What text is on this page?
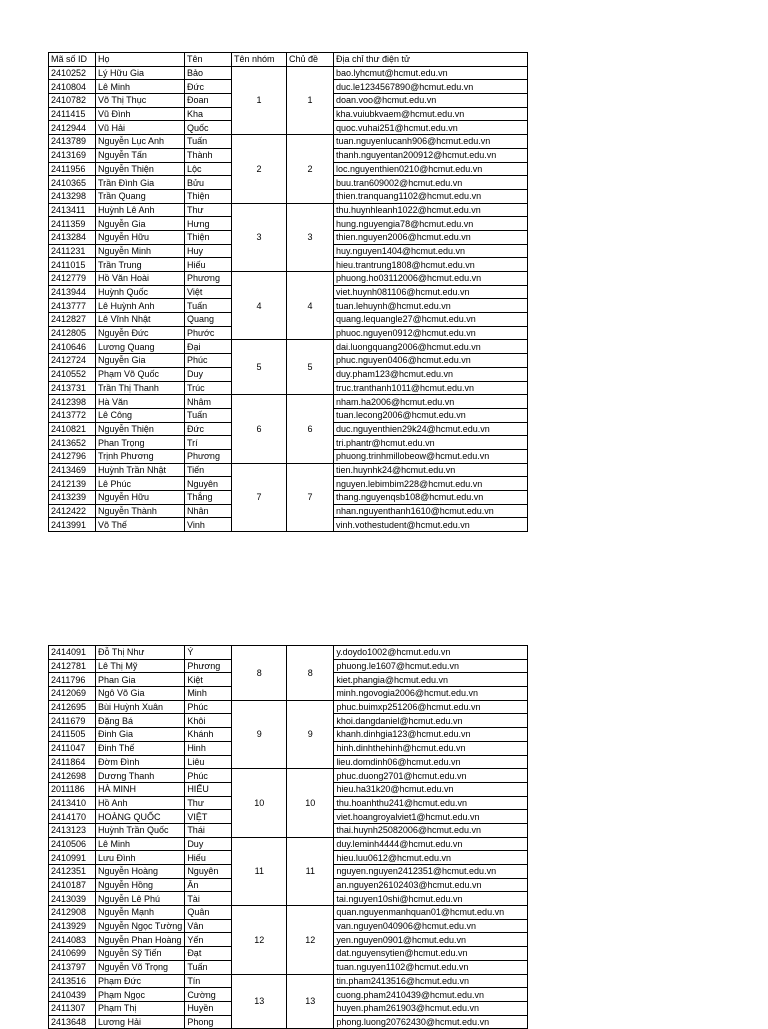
Mã số ID	Họ	Tên	Tên nhóm	Chủ đề	Địa chỉ thư điện tử
2410252	Lý Hữu Gia	Bảo	1	1	bao.lyhcmut@hcmut.edu.vn
2410804	Lê Minh	Đức			duc.le1234567890@hcmut.edu.vn
2410782	Võ Thị Thục	Đoan			doan.voo@hcmut.edu.vn
2411415	Vũ Đình	Kha			kha.vuiubkvaem@hcmut.edu.vn
2412944	Vũ Hải	Quốc			quoc.vuhai251@hcmut.edu.vn
2413789	Nguyễn Lục Anh	Tuấn	2	2	tuan.nguyenlucanh906@hcmut.edu.vn
2413169	Nguyễn Tấn	Thành			thanh.nguyentan200912@hcmut.edu.vn
2411956	Nguyễn Thiện	Lộc			loc.nguyenthien0210@hcmut.edu.vn
2410365	Trần Đình Gia	Bửu			buu.tran609002@hcmut.edu.vn
2413298	Trần Quang	Thiện			thien.tranquang1102@hcmut.edu.vn
2413411	Huỳnh Lê Anh	Thư	3	3	thu.huynhleanh1022@hcmut.edu.vn
2411359	Nguyễn Gia	Hưng			hung.nguyengia78@hcmut.edu.vn
2413284	Nguyễn Hữu	Thiện			thien.nguyen2006@hcmut.edu.vn
2411231	Nguyễn Minh	Huy			huy.nguyen1404@hcmut.edu.vn
2411015	Trần Trung	Hiếu			hieu.trantrung1808@hcmut.edu.vn
2412779	Hồ Văn Hoài	Phương	4	4	phuong.ho03112006@hcmut.edu.vn
2413944	Huỳnh Quốc	Việt			viet.huynh081106@hcmut.edu.vn
2413777	Lê Huỳnh Anh	Tuấn			tuan.lehuynh@hcmut.edu.vn
2412827	Lê Vĩnh Nhật	Quang			quang.lequangle27@hcmut.edu.vn
2412805	Nguyễn Đức	Phước			phuoc.nguyen0912@hcmut.edu.vn
2410646	Lương Quang	Đại	5	5	dai.luongquang2006@hcmut.edu.vn
2412724	Nguyễn Gia	Phúc			phuc.nguyen0406@hcmut.edu.vn
2410552	Phạm Võ Quốc	Duy			duy.pham123@hcmut.edu.vn
2413731	Trần Thị Thanh	Trúc			truc.tranthanh1011@hcmut.edu.vn
2412398	Hà Văn	Nhâm	6	6	nham.ha2006@hcmut.edu.vn
2413772	Lê Công	Tuấn			tuan.lecong2006@hcmut.edu.vn
2410821	Nguyễn Thiện	Đức			duc.nguyenthien29k24@hcmut.edu.vn
2413652	Phan Trọng	Trí			tri.phantr@hcmut.edu.vn
2412796	Trịnh Phương	Phương			phuong.trinhmillobeow@hcmut.edu.vn
2413469	Huỳnh Trần Nhật	Tiến	7	7	tien.huynhk24@hcmut.edu.vn
2412139	Lê Phúc	Nguyên			nguyen.lebimbim228@hcmut.edu.vn
2413239	Nguyễn Hữu	Thắng			thang.nguyenqsb108@hcmut.edu.vn
2412422	Nguyễn Thành	Nhân			nhan.nguyenthanh1610@hcmut.edu.vn
2413991	Võ Thế	Vinh			vinh.vothestudent@hcmut.edu.vn
2414091	Đỗ Thị Như	Ý	8	8	y.doydo1002@hcmut.edu.vn
2412781	Lê Thị Mỹ	Phương			phuong.le1607@hcmut.edu.vn
2411796	Phan Gia	Kiệt			kiet.phangia@hcmut.edu.vn
2412069	Ngô Võ Gia	Minh			minh.ngovogia2006@hcmut.edu.vn
2412695	Bùi Huỳnh Xuân	Phúc	9	9	phuc.buimxp251206@hcmut.edu.vn
2411679	Đặng Bá	Khôi			khoi.dangdaniel@hcmut.edu.vn
2411505	Đinh Gia	Khánh			khanh.dinhgia123@hcmut.edu.vn
2411047	Đinh Thế	Hinh			hinh.dinhthehinh@hcmut.edu.vn
2411864	Đờm Đình	Liêu			lieu.domdinh06@hcmut.edu.vn
2412698	Dương Thanh	Phúc	10	10	phuc.duong2701@hcmut.edu.vn
2011186	HÀ MINH	HIẾU			hieu.ha31k20@hcmut.edu.vn
2413410	Hồ Anh	Thư			thu.hoanhthu241@hcmut.edu.vn
2414170	HOÀNG QUỐC	VIỆT			viet.hoangroyalviet1@hcmut.edu.vn
2413123	Huỳnh Trần Quốc	Thái			thai.huynh25082006@hcmut.edu.vn
2410506	Lê Minh	Duy	11	11	duy.leminh4444@hcmut.edu.vn
2410991	Lưu Đình	Hiếu			hieu.luu0612@hcmut.edu.vn
2412351	Nguyễn Hoàng	Nguyên			nguyen.nguyen2412351@hcmut.edu.vn
2410187	Nguyễn Hồng	Ân			an.nguyen26102403@hcmut.edu.vn
2413039	Nguyễn Lê Phú	Tài			tai.nguyen10shi@hcmut.edu.vn
2412908	Nguyễn Mạnh	Quân	12	12	quan.nguyenmanhquan01@hcmut.edu.vn
2413929	Nguyễn Ngọc Tường	Vân			van.nguyen040906@hcmut.edu.vn
2414083	Nguyễn Phan Hoàng	Yến			yen.nguyen0901@hcmut.edu.vn
2410699	Nguyễn Sỹ Tiến	Đạt			dat.nguyensytien@hcmut.edu.vn
2413797	Nguyễn Võ Trọng	Tuấn			tuan.nguyen1102@hcmut.edu.vn
2413516	Phạm Đức	Tín	13	13	tin.pham2413516@hcmut.edu.vn
2410439	Phạm Ngọc	Cường			cuong.pham2410439@hcmut.edu.vn
2411307	Phạm Thị	Huyền			huyen.pham261903@hcmut.edu.vn
2413648	Lương Hải	Phong			phong.luong20762430@hcmut.edu.vn
